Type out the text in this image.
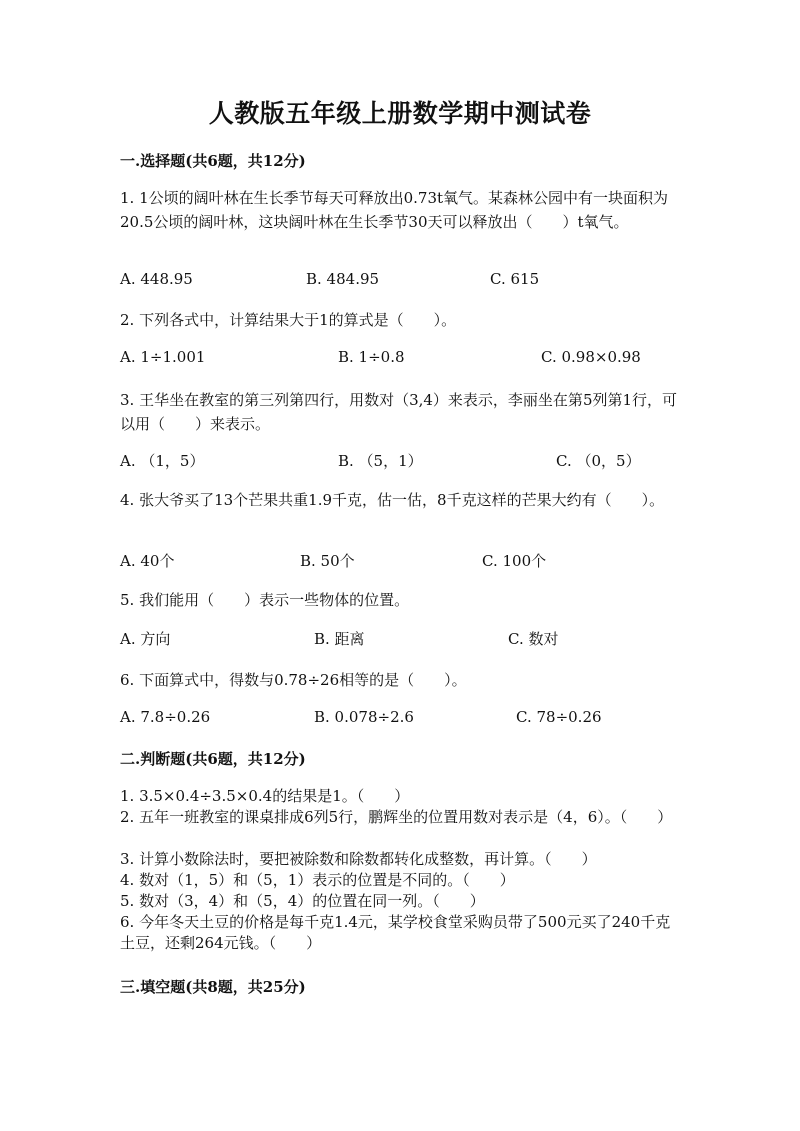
人教版五年级上册数学期中测试卷
一.选择题(共6题，共12分)
1. 1公顷的阔叶林在生长季节每天可释放出0.73t氧气。某森林公园中有一块面积为20.5公顷的阔叶林，这块阔叶林在生长季节30天可以释放出（　　）t氧气。
A. 448.95	B. 484.95	C. 615
2. 下列各式中，计算结果大于1的算式是（　　）。
A. 1÷1.001	B. 1÷0.8	C. 0.98×0.98
3. 王华坐在教室的第三列第四行，用数对（3,4）来表示，李丽坐在第5列第1行，可以用（　　）来表示。
A. （1，5）	B. （5，1）	C. （0，5）
4. 张大爷买了13个芒果共重1.9千克，估一估，8千克这样的芒果大约有（　　）。
A. 40个	B. 50个	C. 100个
5. 我们能用（　　）表示一些物体的位置。
A. 方向	B. 距离	C. 数对
6. 下面算式中，得数与0.78÷26相等的是（　　）。
A. 7.8÷0.26	B. 0.078÷2.6	C. 78÷0.26
二.判断题(共6题，共12分)
1. 3.5×0.4÷3.5×0.4的结果是1。（　　）
2. 五年一班教室的课桌排成6列5行，鹏辉坐的位置用数对表示是（4，6）。（　　）
3. 计算小数除法时，要把被除数和除数都转化成整数，再计算。（　　）
4. 数对（1，5）和（5，1）表示的位置是不同的。（　　）
5. 数对（3，4）和（5，4）的位置在同一列。（　　）
6. 今年冬天土豆的价格是每千克1.4元，某学校食堂采购员带了500元买了240千克土豆，还剩264元钱。（　　）
三.填空题(共8题，共25分)
